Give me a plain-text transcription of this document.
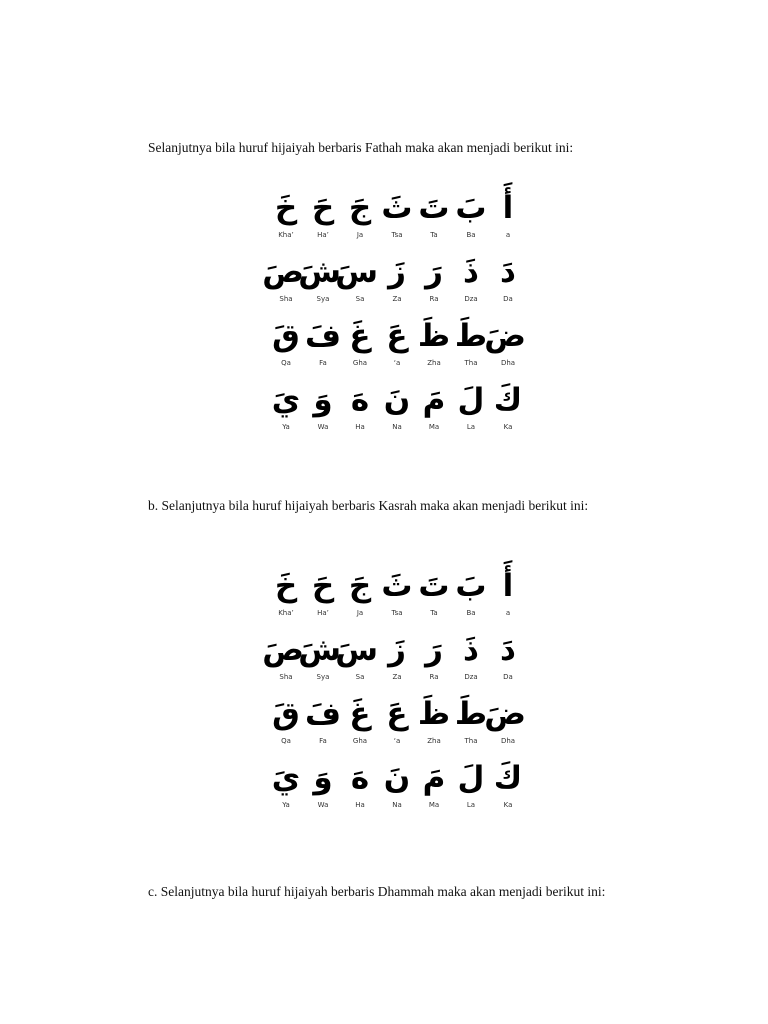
Selanjutnya bila huruf hijaiyah berbaris Fathah maka akan menjadi berikut ini:

خَ
Kha’
حَ
Ha’
جَ
Ja
ثَ
Tsa
تَ
Ta
بَ
Ba
أَ
a
صَ
Sha
شَ
Sya
سَ
Sa
زَ
Za
رَ
Ra
ذَ
Dza
دَ
Da
قَ
Qa
فَ
Fa
غَ
Gha
عَ
‘a
ظَ
Zha
طَ
Tha
ضَ
Dha
يَ
Ya
وَ
Wa
هَ
Ha
نَ
Na
مَ
Ma
لَ
La
كَ
Ka

b. Selanjutnya bila huruf hijaiyah berbaris Kasrah maka akan menjadi berikut ini:

خَ
Kha’
حَ
Ha’
جَ
Ja
ثَ
Tsa
تَ
Ta
بَ
Ba
أَ
a
صَ
Sha
شَ
Sya
سَ
Sa
زَ
Za
رَ
Ra
ذَ
Dza
دَ
Da
قَ
Qa
فَ
Fa
غَ
Gha
عَ
‘a
ظَ
Zha
طَ
Tha
ضَ
Dha
يَ
Ya
وَ
Wa
هَ
Ha
نَ
Na
مَ
Ma
لَ
La
كَ
Ka

c. Selanjutnya bila huruf hijaiyah berbaris Dhammah maka akan menjadi berikut ini:
